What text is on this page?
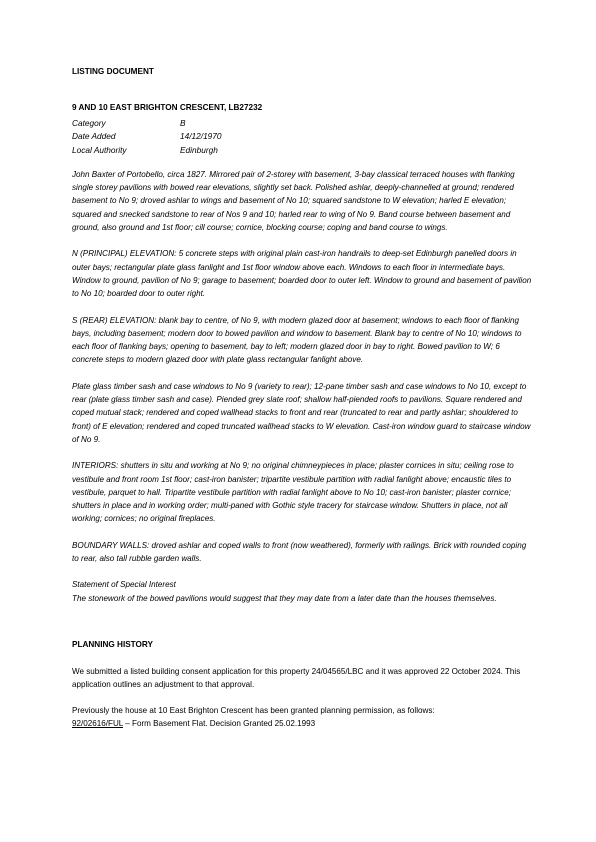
LISTING DOCUMENT

9 AND 10 EAST BRIGHTON CRESCENT, LB27232

Category	B
Date Added	14/12/1970
Local Authority	Edinburgh

John Baxter of Portobello, circa 1827. Mirrored pair of 2-storey with basement, 3-bay classical terraced houses with flanking single storey pavilions with bowed rear elevations, slightly set back. Polished ashlar, deeply-channelled at ground; rendered basement to No 9; droved ashlar to wings and basement of No 10; squared sandstone to W elevation; harled E elevation; squared and snecked sandstone to rear of Nos 9 and 10; harled rear to wing of No 9. Band course between basement and ground, also ground and 1st floor; cill course; cornice, blocking course; coping and band course to wings.

N (PRINCIPAL) ELEVATION: 5 concrete steps with original plain cast-iron handrails to deep-set Edinburgh panelled doors in outer bays; rectangular plate glass fanlight and 1st floor window above each. Windows to each floor in intermediate bays. Window to ground, pavilion of No 9; garage to basement; boarded door to outer left. Window to ground and basement of pavilion to No 10; boarded door to outer right.

S (REAR) ELEVATION: blank bay to centre, of No 9, with modern glazed door at basement; windows to each floor of flanking bays, including basement; modern door to bowed pavilion and window to basement. Blank bay to centre of No 10; windows to each floor of flanking bays; opening to basement, bay to left; modern glazed door in bay to right. Bowed pavilion to W; 6 concrete steps to modern glazed door with plate glass rectangular fanlight above.

Plate glass timber sash and case windows to No 9 (variety to rear); 12-pane timber sash and case windows to No 10, except to rear (plate glass timber sash and case). Piended grey slate roof; shallow half-piended roofs to pavilions. Square rendered and coped mutual stack; rendered and coped wallhead stacks to front and rear (truncated to rear and partly ashlar; shouldered to front) of E elevation; rendered and coped truncated wallhead stacks to W elevation. Cast-iron window guard to staircase window of No 9.

INTERIORS: shutters in situ and working at No 9; no original chimneypieces in place; plaster cornices in situ; ceiling rose to vestibule and front room 1st floor; cast-iron banister; tripartite vestibule partition with radial fanlight above; encaustic tiles to vestibule, parquet to hall. Tripartite vestibule partition with radial fanlight above to No 10; cast-iron banister; plaster cornice; shutters in place and in working order; multi-paned with Gothic style tracery for staircase window. Shutters in place, not all working; cornices; no original fireplaces.

BOUNDARY WALLS: droved ashlar and coped walls to front (now weathered), formerly with railings. Brick with rounded coping to rear, also tall rubble garden walls.

Statement of Special Interest

The stonework of the bowed pavilions would suggest that they may date from a later date than the houses themselves.

PLANNING HISTORY

We submitted a listed building consent application for this property 24/04565/LBC and it was approved 22 October 2024. This application outlines an adjustment to that approval.

Previously the house at 10 East Brighton Crescent has been granted planning permission, as follows:
92/02616/FUL – Form Basement Flat. Decision Granted 25.02.1993
